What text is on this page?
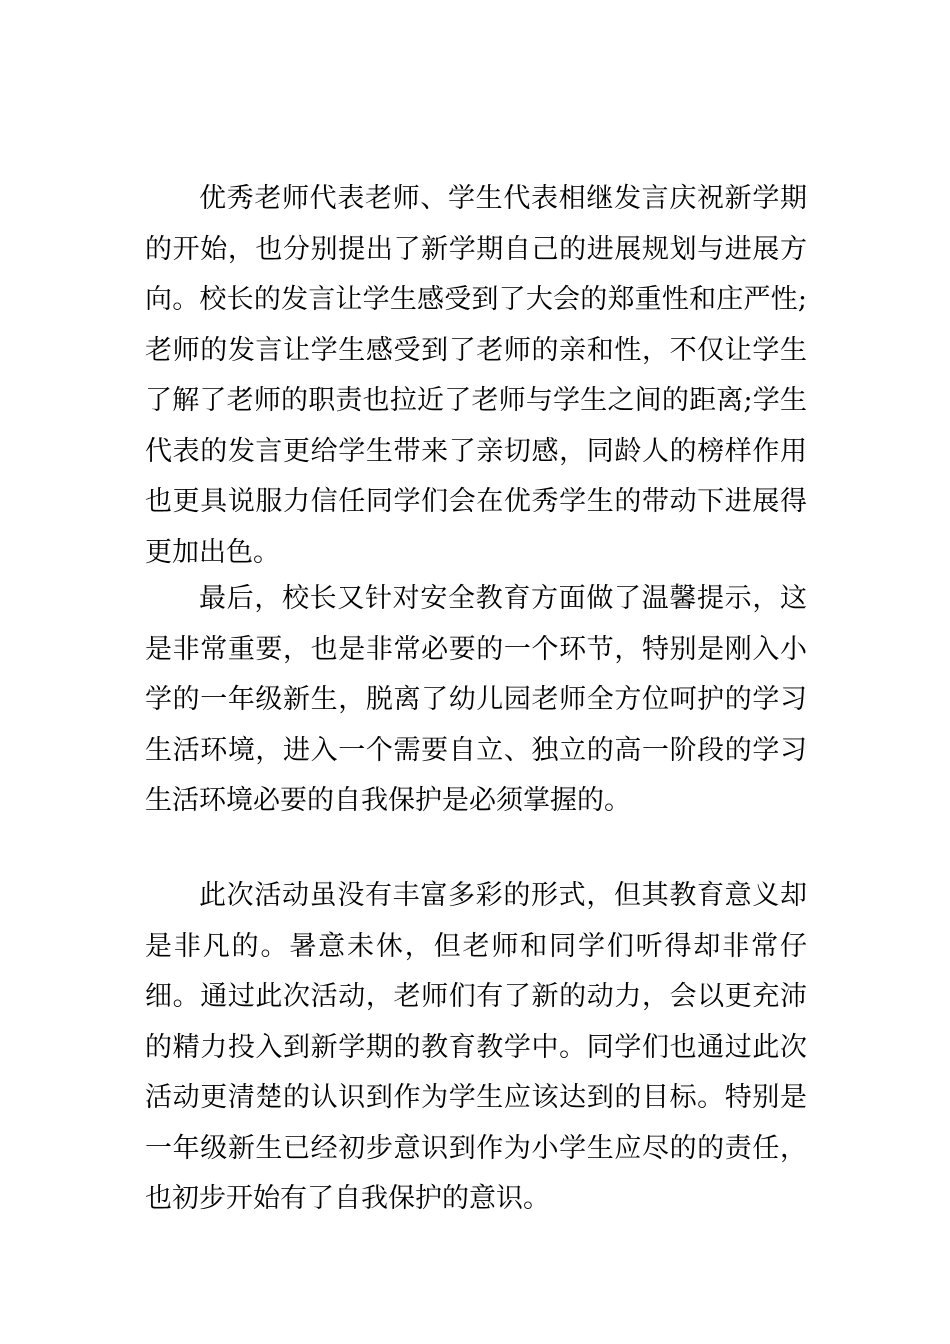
优秀老师代表老师、学生代表相继发言庆祝新学期的开始，也分别提出了新学期自己的进展规划与进展方向。校长的发言让学生感受到了大会的郑重性和庄严性;老师的发言让学生感受到了老师的亲和性，不仅让学生了解了老师的职责也拉近了老师与学生之间的距离;学生代表的发言更给学生带来了亲切感，同龄人的榜样作用也更具说服力信任同学们会在优秀学生的带动下进展得更加出色。

最后，校长又针对安全教育方面做了温馨提示，这是非常重要，也是非常必要的一个环节，特别是刚入小学的一年级新生，脱离了幼儿园老师全方位呵护的学习生活环境，进入一个需要自立、独立的高一阶段的学习生活环境必要的自我保护是必须掌握的。

此次活动虽没有丰富多彩的形式，但其教育意义却是非凡的。暑意未休，但老师和同学们听得却非常仔细。通过此次活动，老师们有了新的动力，会以更充沛的精力投入到新学期的教育教学中。同学们也通过此次活动更清楚的认识到作为学生应该达到的目标。特别是一年级新生已经初步意识到作为小学生应尽的的责任，也初步开始有了自我保护的意识。
